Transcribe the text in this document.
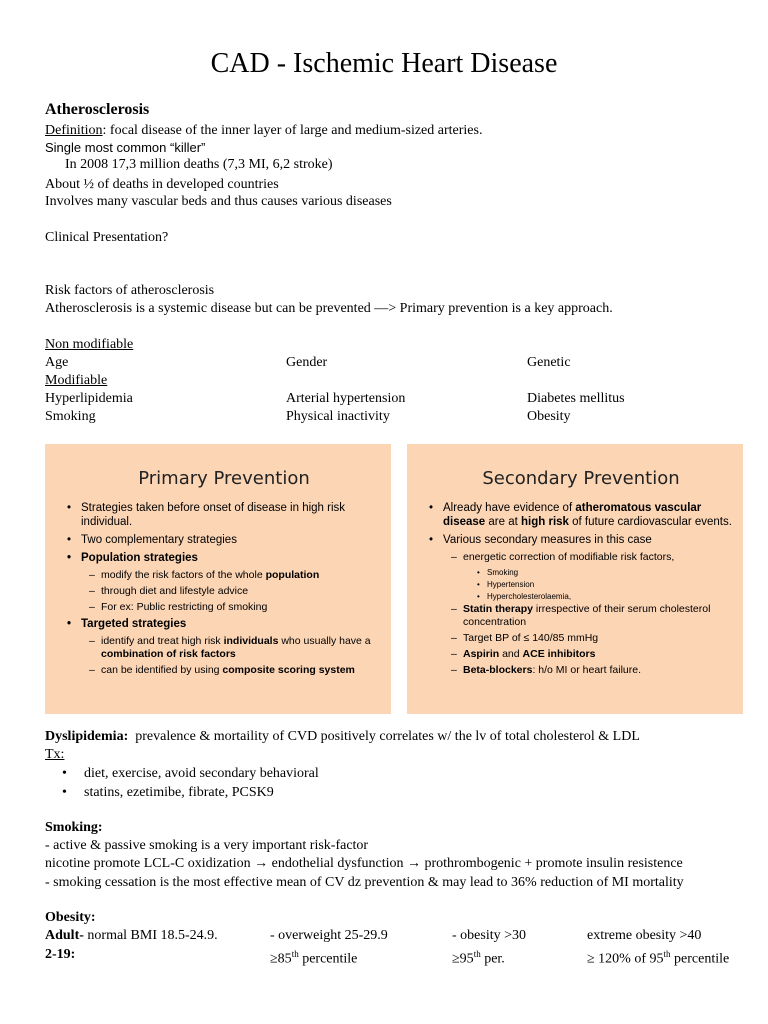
CAD - Ischemic Heart Disease
Atherosclerosis
Definition: focal disease of the inner layer of large and medium-sized arteries.
Single most common “killer”
In 2008 17,3 million deaths (7,3 MI, 6,2 stroke)
About ½ of deaths in developed countries
Involves many vascular beds and thus causes various diseases
Clinical Presentation?
Risk factors of atherosclerosis
Atherosclerosis is a systemic disease but can be prevented —> Primary prevention is a key approach.
Non modifiable
Age	Gender	Genetic
Modifiable
Hyperlipidemia	Arterial hypertension	Diabetes mellitus
Smoking	Physical inactivity	Obesity
Primary Prevention
• Strategies taken before onset of disease in high risk individual.
• Two complementary strategies
• Population strategies
– modify the risk factors of the whole population
– through diet and lifestyle advice
– For ex: Public restricting of smoking
• Targeted strategies
– identify and treat high risk individuals who usually have a combination of risk factors
– can be identified by using composite scoring system
Secondary Prevention
• Already have evidence of atheromatous vascular disease are at high risk of future cardiovascular events.
• Various secondary measures in this case
– energetic correction of modifiable risk factors,
• Smoking
• Hypertension
• Hypercholesterolaemia,
– Statin therapy irrespective of their serum cholesterol concentration
– Target BP of ≤ 140/85 mmHg
– Aspirin and ACE inhibitors
– Beta-blockers: h/o MI or heart failure.
Dyslipidemia:  prevalence & mortaility of CVD positively correlates w/ the lv of total cholesterol & LDL
Tx:
• diet, exercise, avoid secondary behavioral
• statins, ezetimibe, fibrate, PCSK9
Smoking:
- active & passive smoking is a very important risk-factor
nicotine promote LCL-C oxidization → endothelial dysfunction → prothrombogenic + promote insulin resistence
- smoking cessation is the most effective mean of CV dz prevention & may lead to 36% reduction of MI mortality
Obesity:
Adult- normal BMI 18.5-24.9.	- overweight 25-29.9	- obesity >30	extreme obesity >40
2-19:	≥85th percentile	≥95th per.	≥ 120% of 95th percentile
